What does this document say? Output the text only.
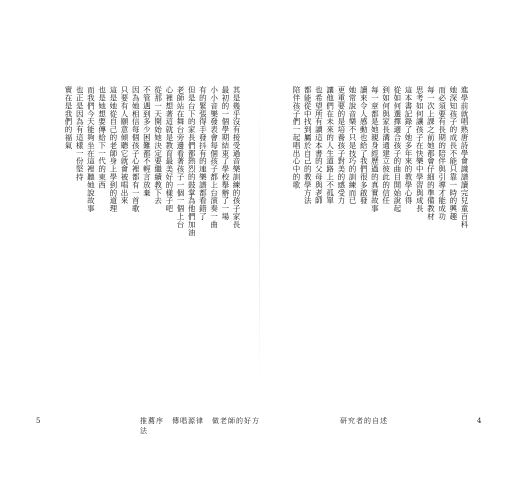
其是幾乎沒有接受過音樂訓練的孩子家長
最初的一個學期結束了學校舉辦了一場
小小音樂發表會每個孩子都上台演奏一曲
有的緊張得手發抖有的連樂譜都看錯了
但是台下的家長們都熱烈的鼓掌為他們加油
老師站在舞台旁邊看著孩子一個一個上台
心裡想著這就是教育最美好的樣子吧
從那一天開始她決定要繼續教下去
不管遇到多少困難都不輕言放棄
因為她相信每個孩子心裡都有一首歌
只要有人願意傾聽它就會被唱出來
這是她從自己的老師身上學到的道理
也是她想要傳給下一代的東西
而我們今天能夠坐在這裡聽她說故事
也正是因為有這樣一份堅持
實在是我們的福氣
5	推薦序　傳唱源律　做老師的好方法
進學前就唱熟唐詩學會識譜讀完兒童百科
她深知孩子的成長不能只靠一時的興趣
而必須要有長期的陪伴與引導才能成功
每一次上課之前她都會仔細的準備教材
思考如何讓孩子在快樂中學習與成長
這本書記錄了她多年來的教學心得
從如何選擇適合孩子的曲目開始說起
到如何與家長溝通建立彼此的信任
每一章都是她親身經歷過的真實故事
讀來令人感動也給了我們很多啟發
她常說音樂不只是技巧的訓練而已
更重要的是培養孩子對美的感受力
讓他們在未來的人生道路上不孤單
也希望所有讀這本書的父母與老師
都能從中找到屬於自己的教學方法
陪伴孩子們一起唱出心中的歌
研究者的自述	4
